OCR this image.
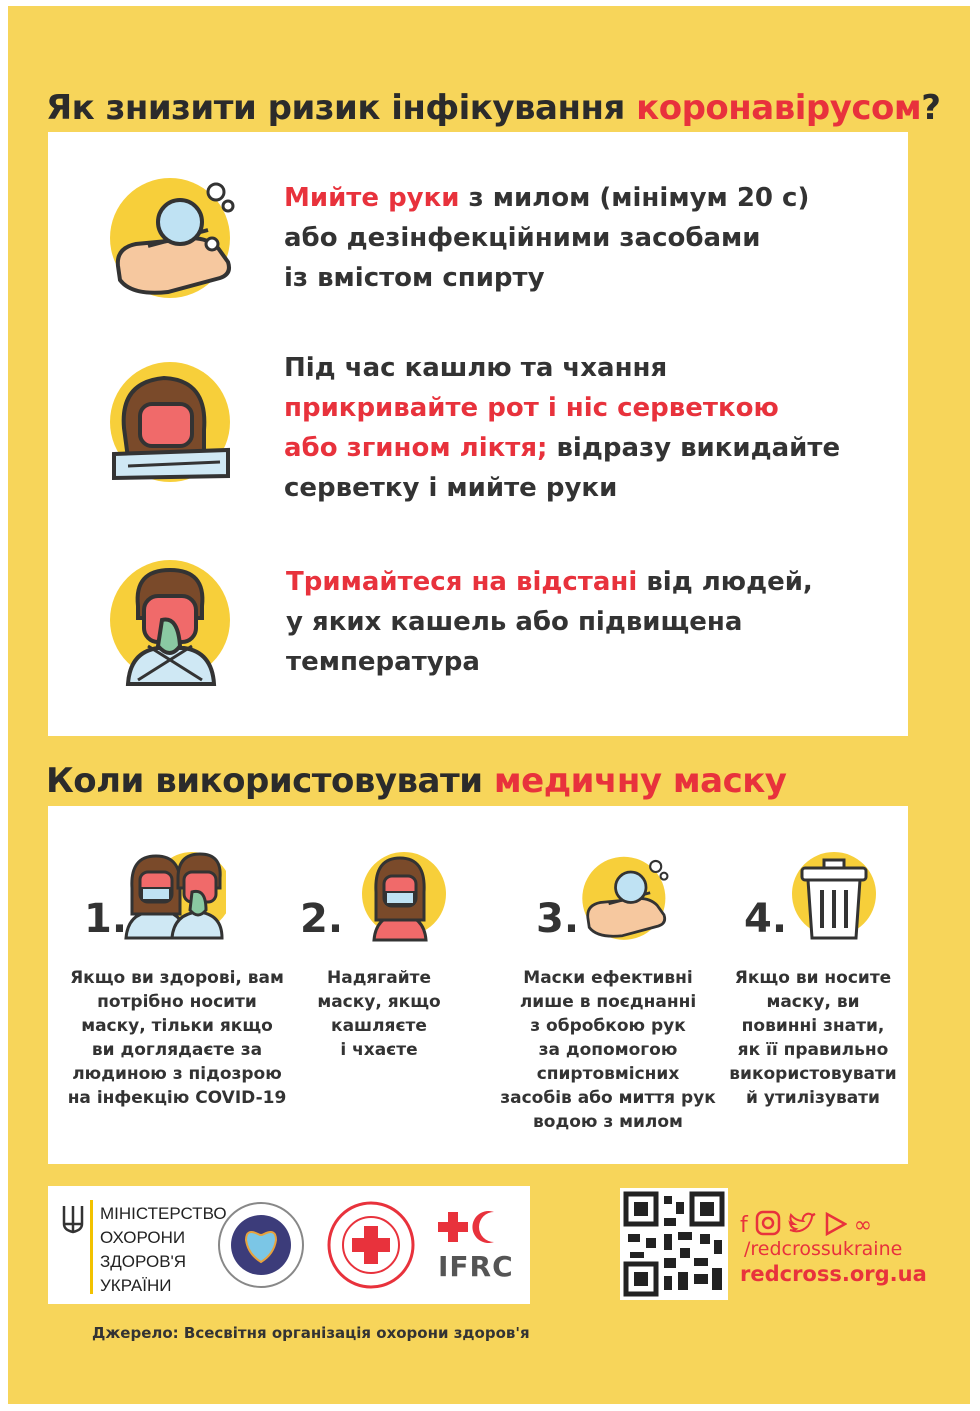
Як знизити ризик інфікування коронавірусом?
Мийте руки з милом (мінімум 20 с)
або дезінфекційними засобами
із вмістом спирту
Під час кашлю та чхання
прикривайте рот і ніс серветкою
або згином ліктя; відразу викидайте
серветку і мийте руки
Тримайтеся на відстані від людей,
у яких кашель або підвищена
температура
Коли використовувати медичну маску
1.
Якщо ви здорові, вам
потрібно носити
маску, тільки якщо
ви доглядаєте за
людиною з підозрою
на інфекцію COVID-19
2.
Надягайте
маску, якщо
кашляєте
і чхаєте
3.
Маски ефективні
лише в поєднанні
з обробкою рук
за допомогою
спиртовмісних
засобів або миття рук
водою з милом
4.
Якщо ви носите
маску, ви
повинні знати,
як її правильно
використовувати
й утилізувати
МІНІСТЕРСТВО
ОХОРОНИ
ЗДОРОВ'Я
УКРАЇНИ
IFRC
f	∞
/redcrossukraine
redcross.org.ua
Джерело: Всесвітня організація охорони здоров'я
